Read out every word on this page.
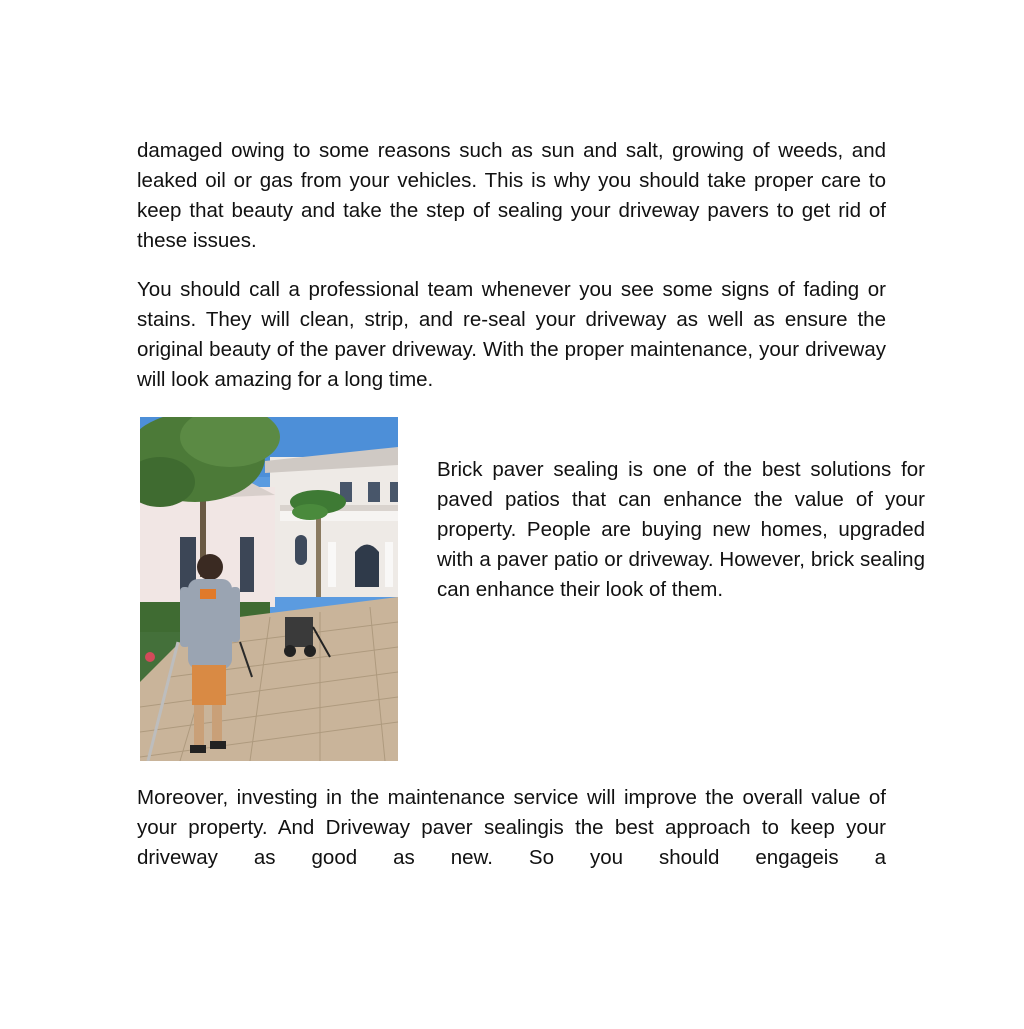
damaged owing to some reasons such as sun and salt, growing of weeds, and leaked oil or gas from your vehicles. This is why you should take proper care to keep that beauty and take the step of sealing your driveway pavers to get rid of these issues.

You should call a professional team whenever you see some signs of fading or stains. They will clean, strip, and re-seal your driveway as well as ensure the original beauty of the paver driveway. With the proper maintenance, your driveway will look amazing for a long time.

Brick paver sealing is one of the best solutions for paved patios that can enhance the value of your property. People are buying new homes, upgraded with a paver patio or driveway. However, brick sealing can enhance their look of them.

Moreover, investing in the maintenance service will improve the overall value of your property. And Driveway paver sealingis the best approach to keep your driveway as good as new. So you should engageis a
